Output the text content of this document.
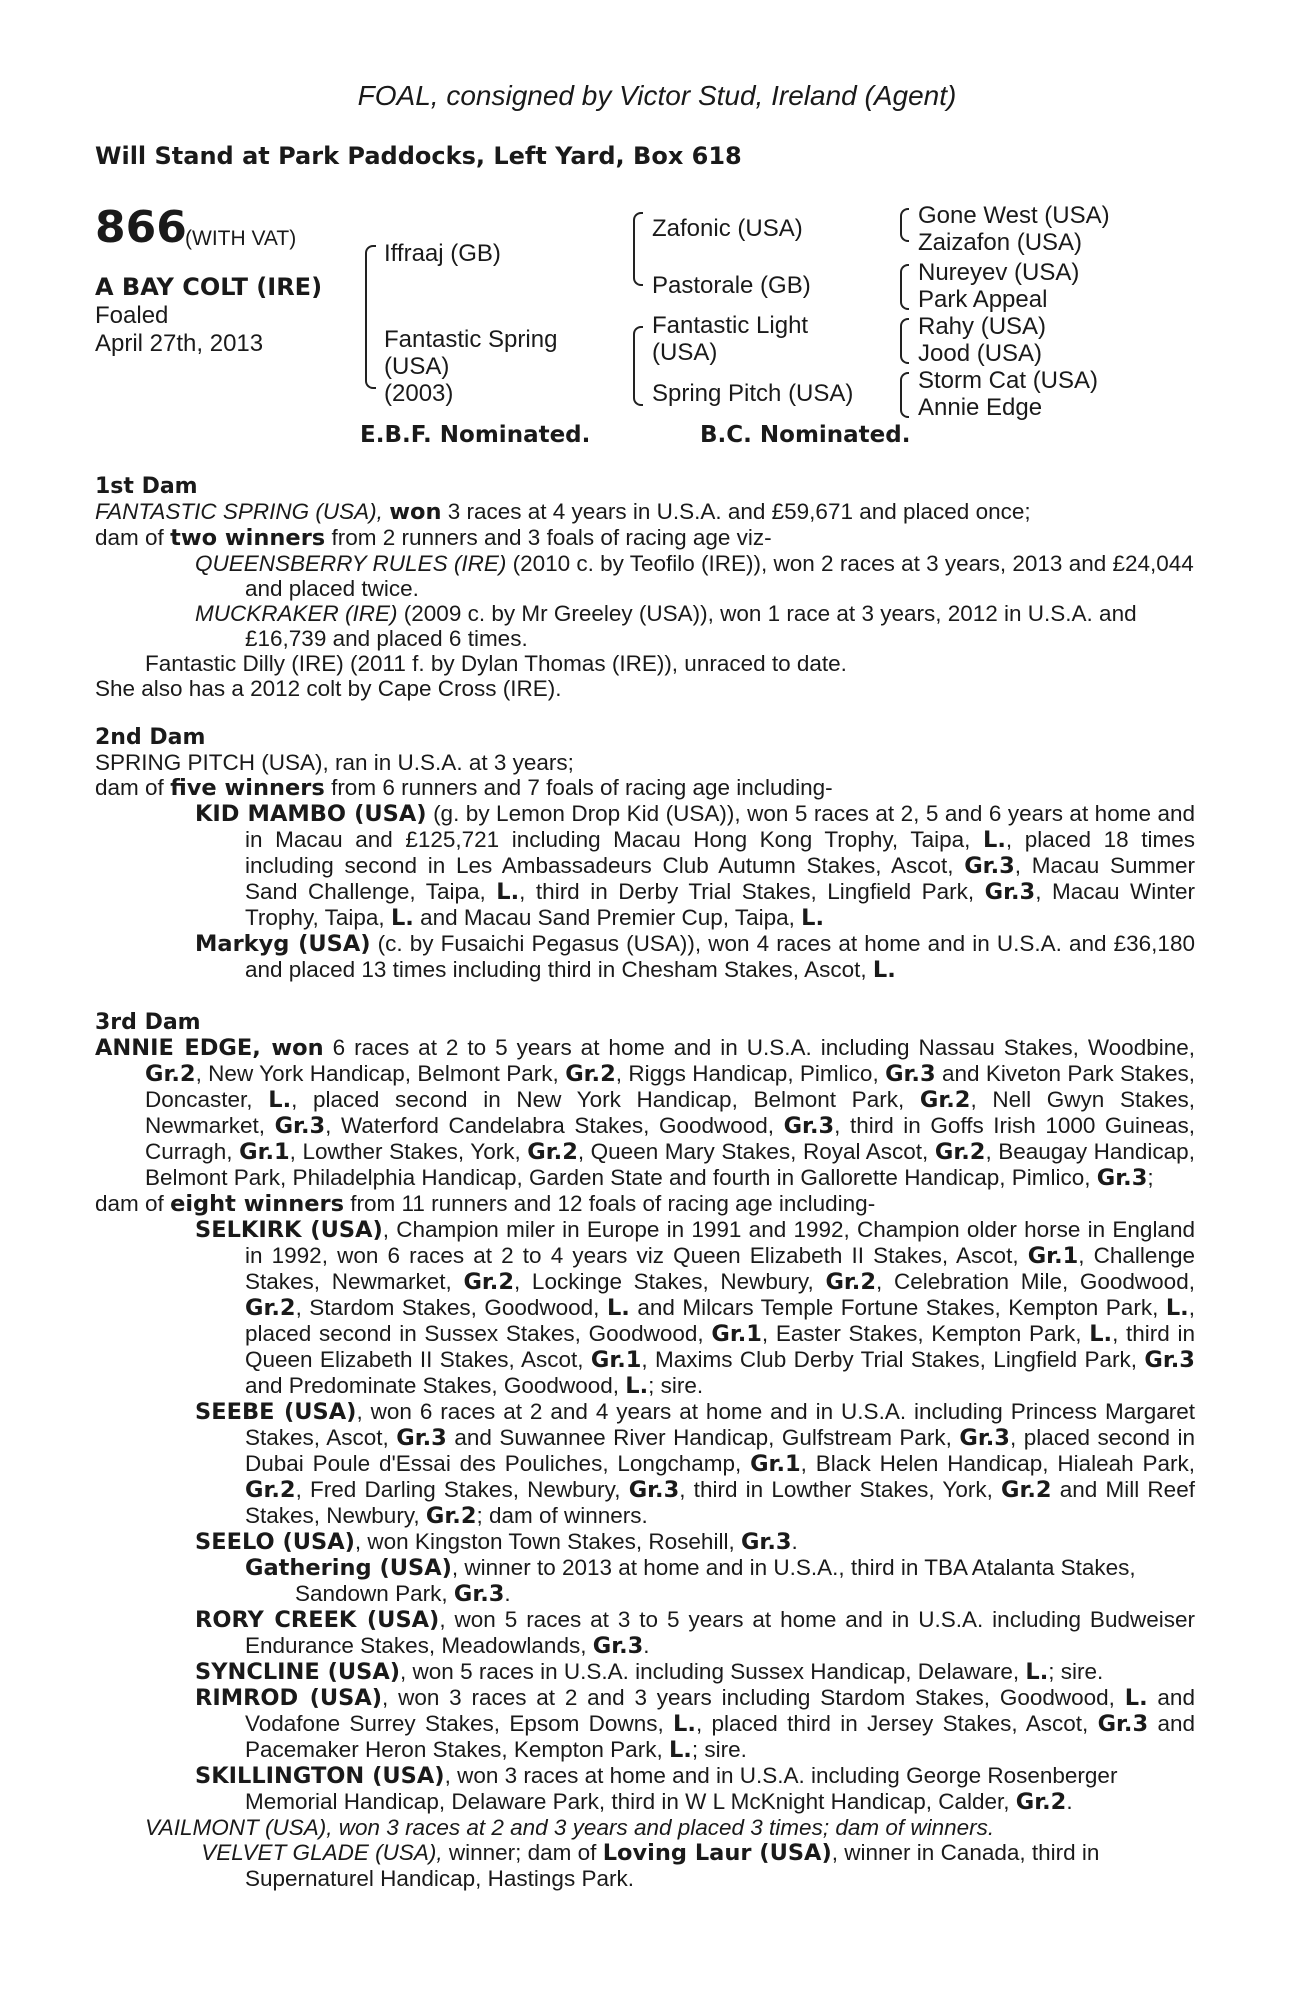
FOAL, consigned by Victor Stud, Ireland (Agent)
Will Stand at Park Paddocks, Left Yard, Box 618
866
(WITH VAT)
A BAY COLT (IRE)
Foaled
April 27th, 2013
Iffraaj (GB)
Fantastic Spring
(USA)
(2003)
Zafonic (USA)
Pastorale (GB)
Fantastic Light
(USA)
Spring Pitch (USA)
Gone West (USA)
Zaizafon (USA)
Nureyev (USA)
Park Appeal
Rahy (USA)
Jood (USA)
Storm Cat (USA)
Annie Edge
E.B.F. Nominated.	B.C. Nominated.

1st Dam

FANTASTIC SPRING (USA), won 3 races at 4 years in U.S.A. and £59,671 and placed once;

dam of two winners from 2 runners and 3 foals of racing age viz-

QUEENSBERRY RULES (IRE) (2010 c. by Teofilo (IRE)), won 2 races at 3 years, 2013 and £24,044 and placed twice.

MUCKRAKER (IRE) (2009 c. by Mr Greeley (USA)), won 1 race at 3 years, 2012 in U.S.A. and £16,739 and placed 6 times.

Fantastic Dilly (IRE) (2011 f. by Dylan Thomas (IRE)), unraced to date.

She also has a 2012 colt by Cape Cross (IRE).

2nd Dam

SPRING PITCH (USA), ran in U.S.A. at 3 years;

dam of five winners from 6 runners and 7 foals of racing age including-

KID MAMBO (USA) (g. by Lemon Drop Kid (USA)), won 5 races at 2, 5 and 6 years at home and in Macau and £125,721 including Macau Hong Kong Trophy, Taipa, L., placed 18 times including second in Les Ambassadeurs Club Autumn Stakes, Ascot, Gr.3, Macau Summer Sand Challenge, Taipa, L., third in Derby Trial Stakes, Lingfield Park, Gr.3, Macau Winter Trophy, Taipa, L. and Macau Sand Premier Cup, Taipa, L.

Markyg (USA) (c. by Fusaichi Pegasus (USA)), won 4 races at home and in U.S.A. and £36,180 and placed 13 times including third in Chesham Stakes, Ascot, L.

3rd Dam

ANNIE EDGE, won 6 races at 2 to 5 years at home and in U.S.A. including Nassau Stakes, Woodbine, Gr.2, New York Handicap, Belmont Park, Gr.2, Riggs Handicap, Pimlico, Gr.3 and Kiveton Park Stakes, Doncaster, L., placed second in New York Handicap, Belmont Park, Gr.2, Nell Gwyn Stakes, Newmarket, Gr.3, Waterford Candelabra Stakes, Goodwood, Gr.3, third in Goffs Irish 1000 Guineas, Curragh, Gr.1, Lowther Stakes, York, Gr.2, Queen Mary Stakes, Royal Ascot, Gr.2, Beaugay Handicap, Belmont Park, Philadelphia Handicap, Garden State and fourth in Gallorette Handicap, Pimlico, Gr.3;

dam of eight winners from 11 runners and 12 foals of racing age including-

SELKIRK (USA), Champion miler in Europe in 1991 and 1992, Champion older horse in England in 1992, won 6 races at 2 to 4 years viz Queen Elizabeth II Stakes, Ascot, Gr.1, Challenge Stakes, Newmarket, Gr.2, Lockinge Stakes, Newbury, Gr.2, Celebration Mile, Goodwood, Gr.2, Stardom Stakes, Goodwood, L. and Milcars Temple Fortune Stakes, Kempton Park, L., placed second in Sussex Stakes, Goodwood, Gr.1, Easter Stakes, Kempton Park, L., third in Queen Elizabeth II Stakes, Ascot, Gr.1, Maxims Club Derby Trial Stakes, Lingfield Park, Gr.3 and Predominate Stakes, Goodwood, L.; sire.

SEEBE (USA), won 6 races at 2 and 4 years at home and in U.S.A. including Princess Margaret Stakes, Ascot, Gr.3 and Suwannee River Handicap, Gulfstream Park, Gr.3, placed second in Dubai Poule d'Essai des Pouliches, Longchamp, Gr.1, Black Helen Handicap, Hialeah Park, Gr.2, Fred Darling Stakes, Newbury, Gr.3, third in Lowther Stakes, York, Gr.2 and Mill Reef Stakes, Newbury, Gr.2; dam of winners.

SEELO (USA), won Kingston Town Stakes, Rosehill, Gr.3.

Gathering (USA), winner to 2013 at home and in U.S.A., third in TBA Atalanta Stakes, Sandown Park, Gr.3.

RORY CREEK (USA), won 5 races at 3 to 5 years at home and in U.S.A. including Budweiser Endurance Stakes, Meadowlands, Gr.3.

SYNCLINE (USA), won 5 races in U.S.A. including Sussex Handicap, Delaware, L.; sire.

RIMROD (USA), won 3 races at 2 and 3 years including Stardom Stakes, Goodwood, L. and Vodafone Surrey Stakes, Epsom Downs, L., placed third in Jersey Stakes, Ascot, Gr.3 and Pacemaker Heron Stakes, Kempton Park, L.; sire.

SKILLINGTON (USA), won 3 races at home and in U.S.A. including George Rosenberger Memorial Handicap, Delaware Park, third in W L McKnight Handicap, Calder, Gr.2.

VAILMONT (USA), won 3 races at 2 and 3 years and placed 3 times; dam of winners.

VELVET GLADE (USA), winner; dam of Loving Laur (USA), winner in Canada, third in Supernaturel Handicap, Hastings Park.
